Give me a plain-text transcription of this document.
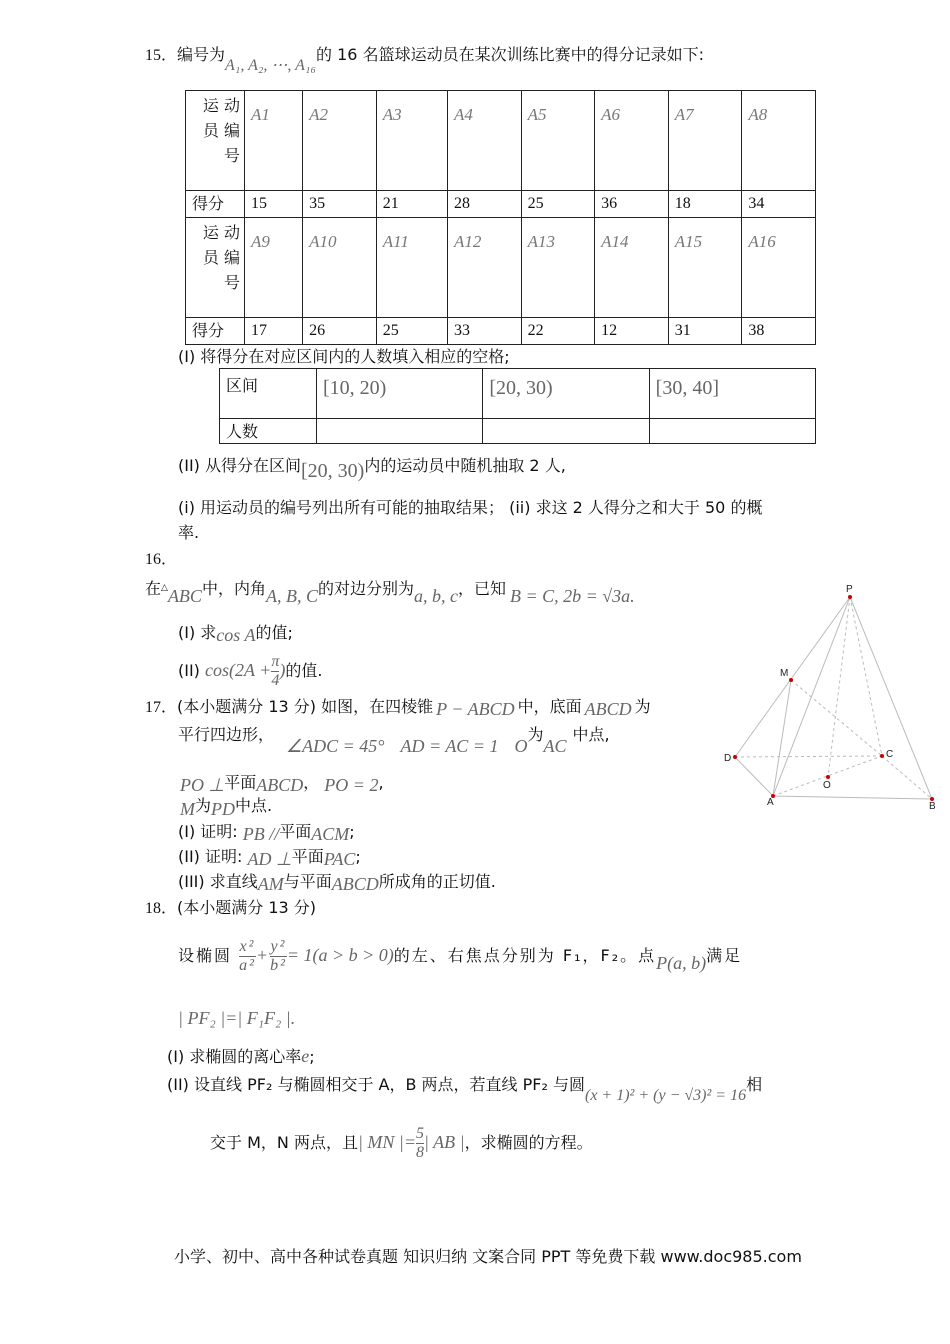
15．编号为A₁, A₂, ⋯, A₁₆的 16 名篮球运动员在某次训练比赛中的得分记录如下:
运 动 员 编 号	A1	A2	A3	A4	A5	A6	A7	A8
得分	15	35	21	28	25	36	18	34
运 动 员 编 号	A9	A10	A11	A12	A13	A14	A15	A16
得分	17	26	25	33	22	12	31	38
(I) 将得分在对应区间内的人数填入相应的空格;
区间	[10, 20)	[20, 30)	[30, 40]
人数			
(II) 从得分在区间[20, 30)内的运动员中随机抽取 2 人,
(i) 用运动员的编号列出所有可能的抽取结果； (ii) 求这 2 人得分之和大于 50 的概
率.
16．
在△ABC中，内角A, B, C的对边分别为a, b, c，已知 B = C, 2b = √3a.
(I) 求cos A的值;
(II) $\cos(2A + \frac{\pi}{4}$ )的值.
17．(本小题满分 13 分) 如图，在四棱锥 P − ABCD 中，底面 ABCD 为
平行四边形，∠ADC = 45° AD = AC = 1 O为AC中点,
PO ⊥平面ABCD， PO = 2,
M为PD中点.
(I) 证明: PB //平面ACM;
(II) 证明: AD ⊥平面PAC;
(III) 求直线AM与平面ABCD所成角的正切值.
P
M
D	C
O
A	B
18．(本小题满分 13 分)
设椭圆 $\frac{\text{x²}}{\text{a²}} + \frac{\text{y²}}{\text{b²}} = 1(a > b > 0)$的左、右焦点分别为 F₁，F₂。点P(a, b)满足
| PF₂ |=| F₁F₂ |.
(I) 求椭圆的离心率e;
(II) 设直线 PF₂ 与椭圆相交于 A，B 两点，若直线 PF₂ 与圆(x + 1)² + (y − √3)² = 16相
交于 M，N 两点，且| MN |= $\frac{5}{8}$ | AB |，求椭圆的方程。
小学、初中、高中各种试卷真题 知识归纳 文案合同 PPT 等免费下载 www.doc985.com
